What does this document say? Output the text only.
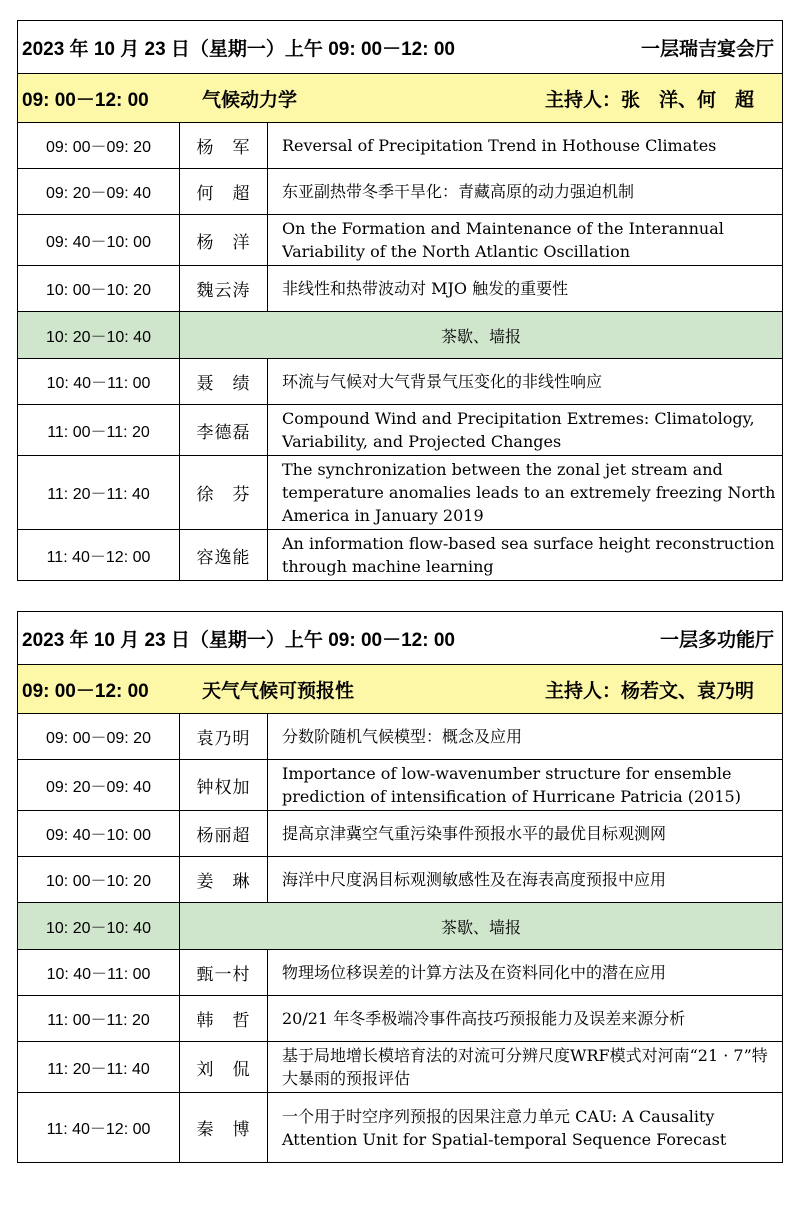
2023 年 10 月 23 日（星期一）上午 09: 00－12: 00 一层瑞吉宴会厅		

09: 00－12: 00 气候动力学 主持人：张　洋、何　超		

09: 00－09: 20	杨　军	Reversal of Precipitation Trend in Hothouse Climates
09: 20－09: 40	何　超	东亚副热带冬季干旱化：青藏高原的动力强迫机制
09: 40－10: 00	杨　洋	On the Formation and Maintenance of the Interannual Variability of the North Atlantic Oscillation
10: 00－10: 20	魏云涛	非线性和热带波动对 MJO 触发的重要性
10: 20－10: 40	茶歇、墙报	
10: 40－11: 00	聂　绩	环流与气候对大气背景气压变化的非线性响应
11: 00－11: 20	李德磊	Compound Wind and Precipitation Extremes: Climatology, Variability, and Projected Changes
11: 20－11: 40	徐　芬	The synchronization between the zonal jet stream and temperature anomalies leads to an extremely freezing North America in January 2019
11: 40－12: 00	容逸能	An information flow-based sea surface height reconstruction through machine learning
2023 年 10 月 23 日（星期一）上午 09: 00－12: 00 一层多功能厅		

09: 00－12: 00 天气气候可预报性 主持人：杨若文、袁乃明		

09: 00－09: 20	袁乃明	分数阶随机气候模型：概念及应用
09: 20－09: 40	钟权加	Importance of low-wavenumber structure for ensemble prediction of intensification of Hurricane Patricia (2015)
09: 40－10: 00	杨丽超	提高京津冀空气重污染事件预报水平的最优目标观测网
10: 00－10: 20	姜　琳	海洋中尺度涡目标观测敏感性及在海表高度预报中应用
10: 20－10: 40	茶歇、墙报	
10: 40－11: 00	甄一村	物理场位移误差的计算方法及在资料同化中的潜在应用
11: 00－11: 20	韩　哲	20/21 年冬季极端冷事件高技巧预报能力及误差来源分析
11: 20－11: 40	刘　侃	基于局地增长模培育法的对流可分辨尺度WRF模式对河南“21 · 7”特大暴雨的预报评估
11: 40－12: 00	秦　博	一个用于时空序列预报的因果注意力单元 CAU: A Causality Attention Unit for Spatial-temporal Sequence Forecast
